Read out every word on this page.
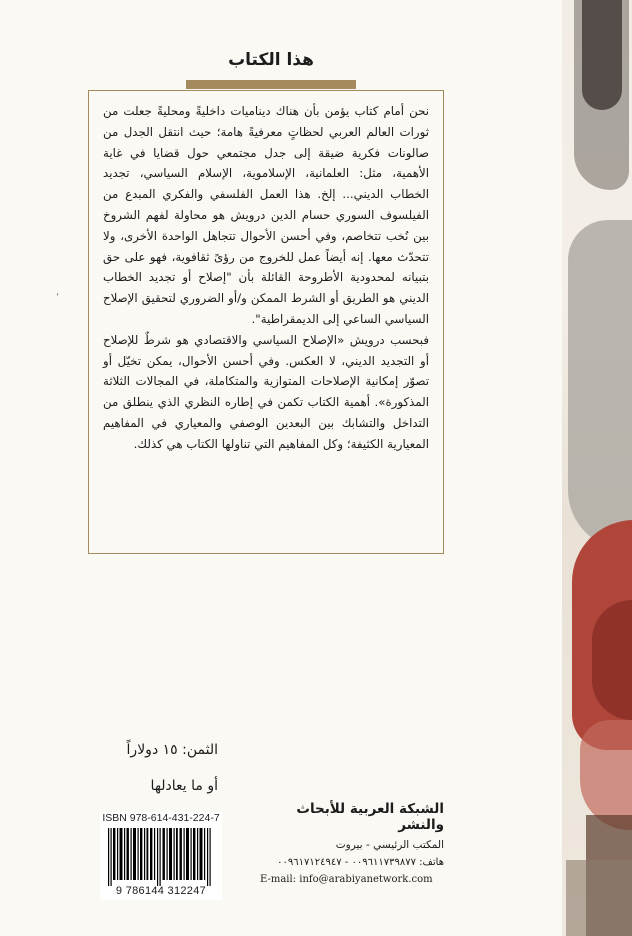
هذا الكتاب

نحن أمام كتاب يؤمن بأن هناك ديناميات داخليةً ومحليةً جعلت من ثورات العالم العربي لحظاتٍ معرفيةً هامة؛ حيث انتقل الجدل من صالونات فكرية ضيقة إلى جدل مجتمعي حول قضايا في غاية الأهمية، مثل: العلمانية، الإسلاموية، الإسلام السياسي، تجديد الخطاب الديني... إلخ. هذا العمل الفلسفي والفكري المبدع من الفيلسوف السوري حسام الدين درويش هو محاولة لفهم الشروخ بين نُخب تتخاصم، وفي أحسن الأحوال تتجاهل الواحدة الأخرى، ولا تتحدّث معها. إنه أيضاً عمل للخروج من رؤىً ثقافوية، فهو على حق بتبيانه لمحدودية الأطروحة القائلة بأن "إصلاح أو تجديد الخطاب الديني هو الطريق أو الشرط الممكن و/أو الضروري لتحقيق الإصلاح السياسي الساعي إلى الديمقراطية".

فبحسب درويش «الإصلاح السياسي والاقتصادي هو شرطٌ للإصلاح أو التجديد الديني، لا العكس. وفي أحسن الأحوال، يمكن تخيّل أو تصوّر إمكانية الإصلاحات المتوازية والمتكاملة، في المجالات الثلاثة المذكورة». أهمية الكتاب تكمن في إطاره النظري الذي ينطلق من التداخل والتشابك بين البعدين الوصفي والمعياري في المفاهيم المعيارية الكثيفة؛ وكل المفاهيم التي تناولها الكتاب هي كذلك.

ʼ
الثمن: ١٥ دولاراً
أو ما يعادلها
ISBN 978-614-431-224-7
9 786144 312247
الشبكة العربية للأبحاث والنشر
المكتب الرئيسي - بيروت
هاتف: ٠٠٩٦١١٧٣٩٨٧٧ - ٠٠٩٦١٧١٢٤٩٤٧
E-mail: info@arabiyanetwork.com
